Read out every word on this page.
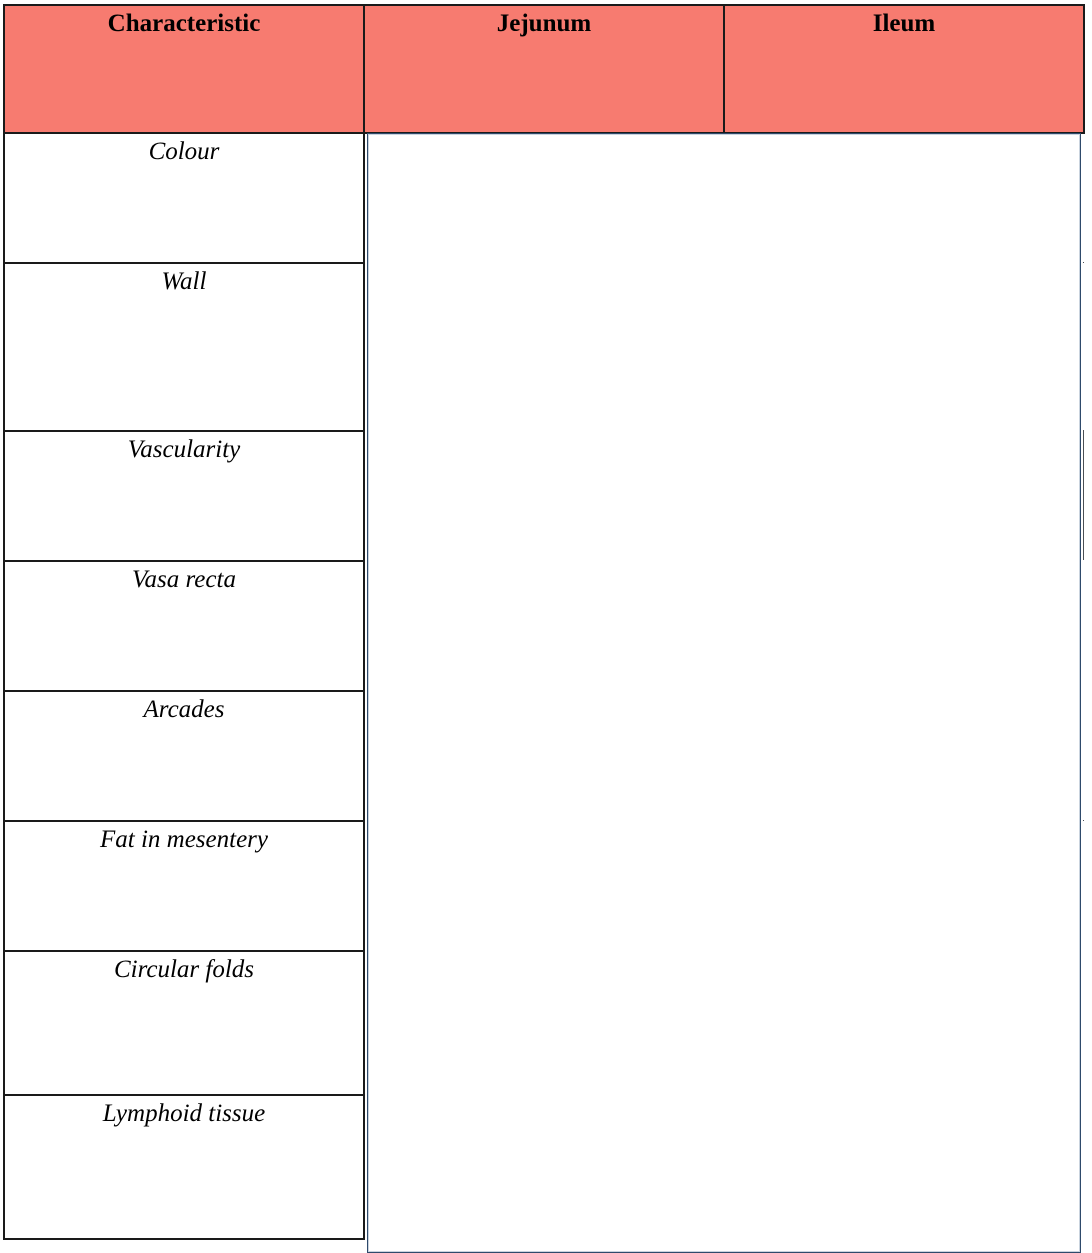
Characteristic	Jejunum	Ileum
Colour
Wall
Vascularity
Vasa recta
Arcades
Fat in mesentery
Circular folds
Lymphoid tissue
